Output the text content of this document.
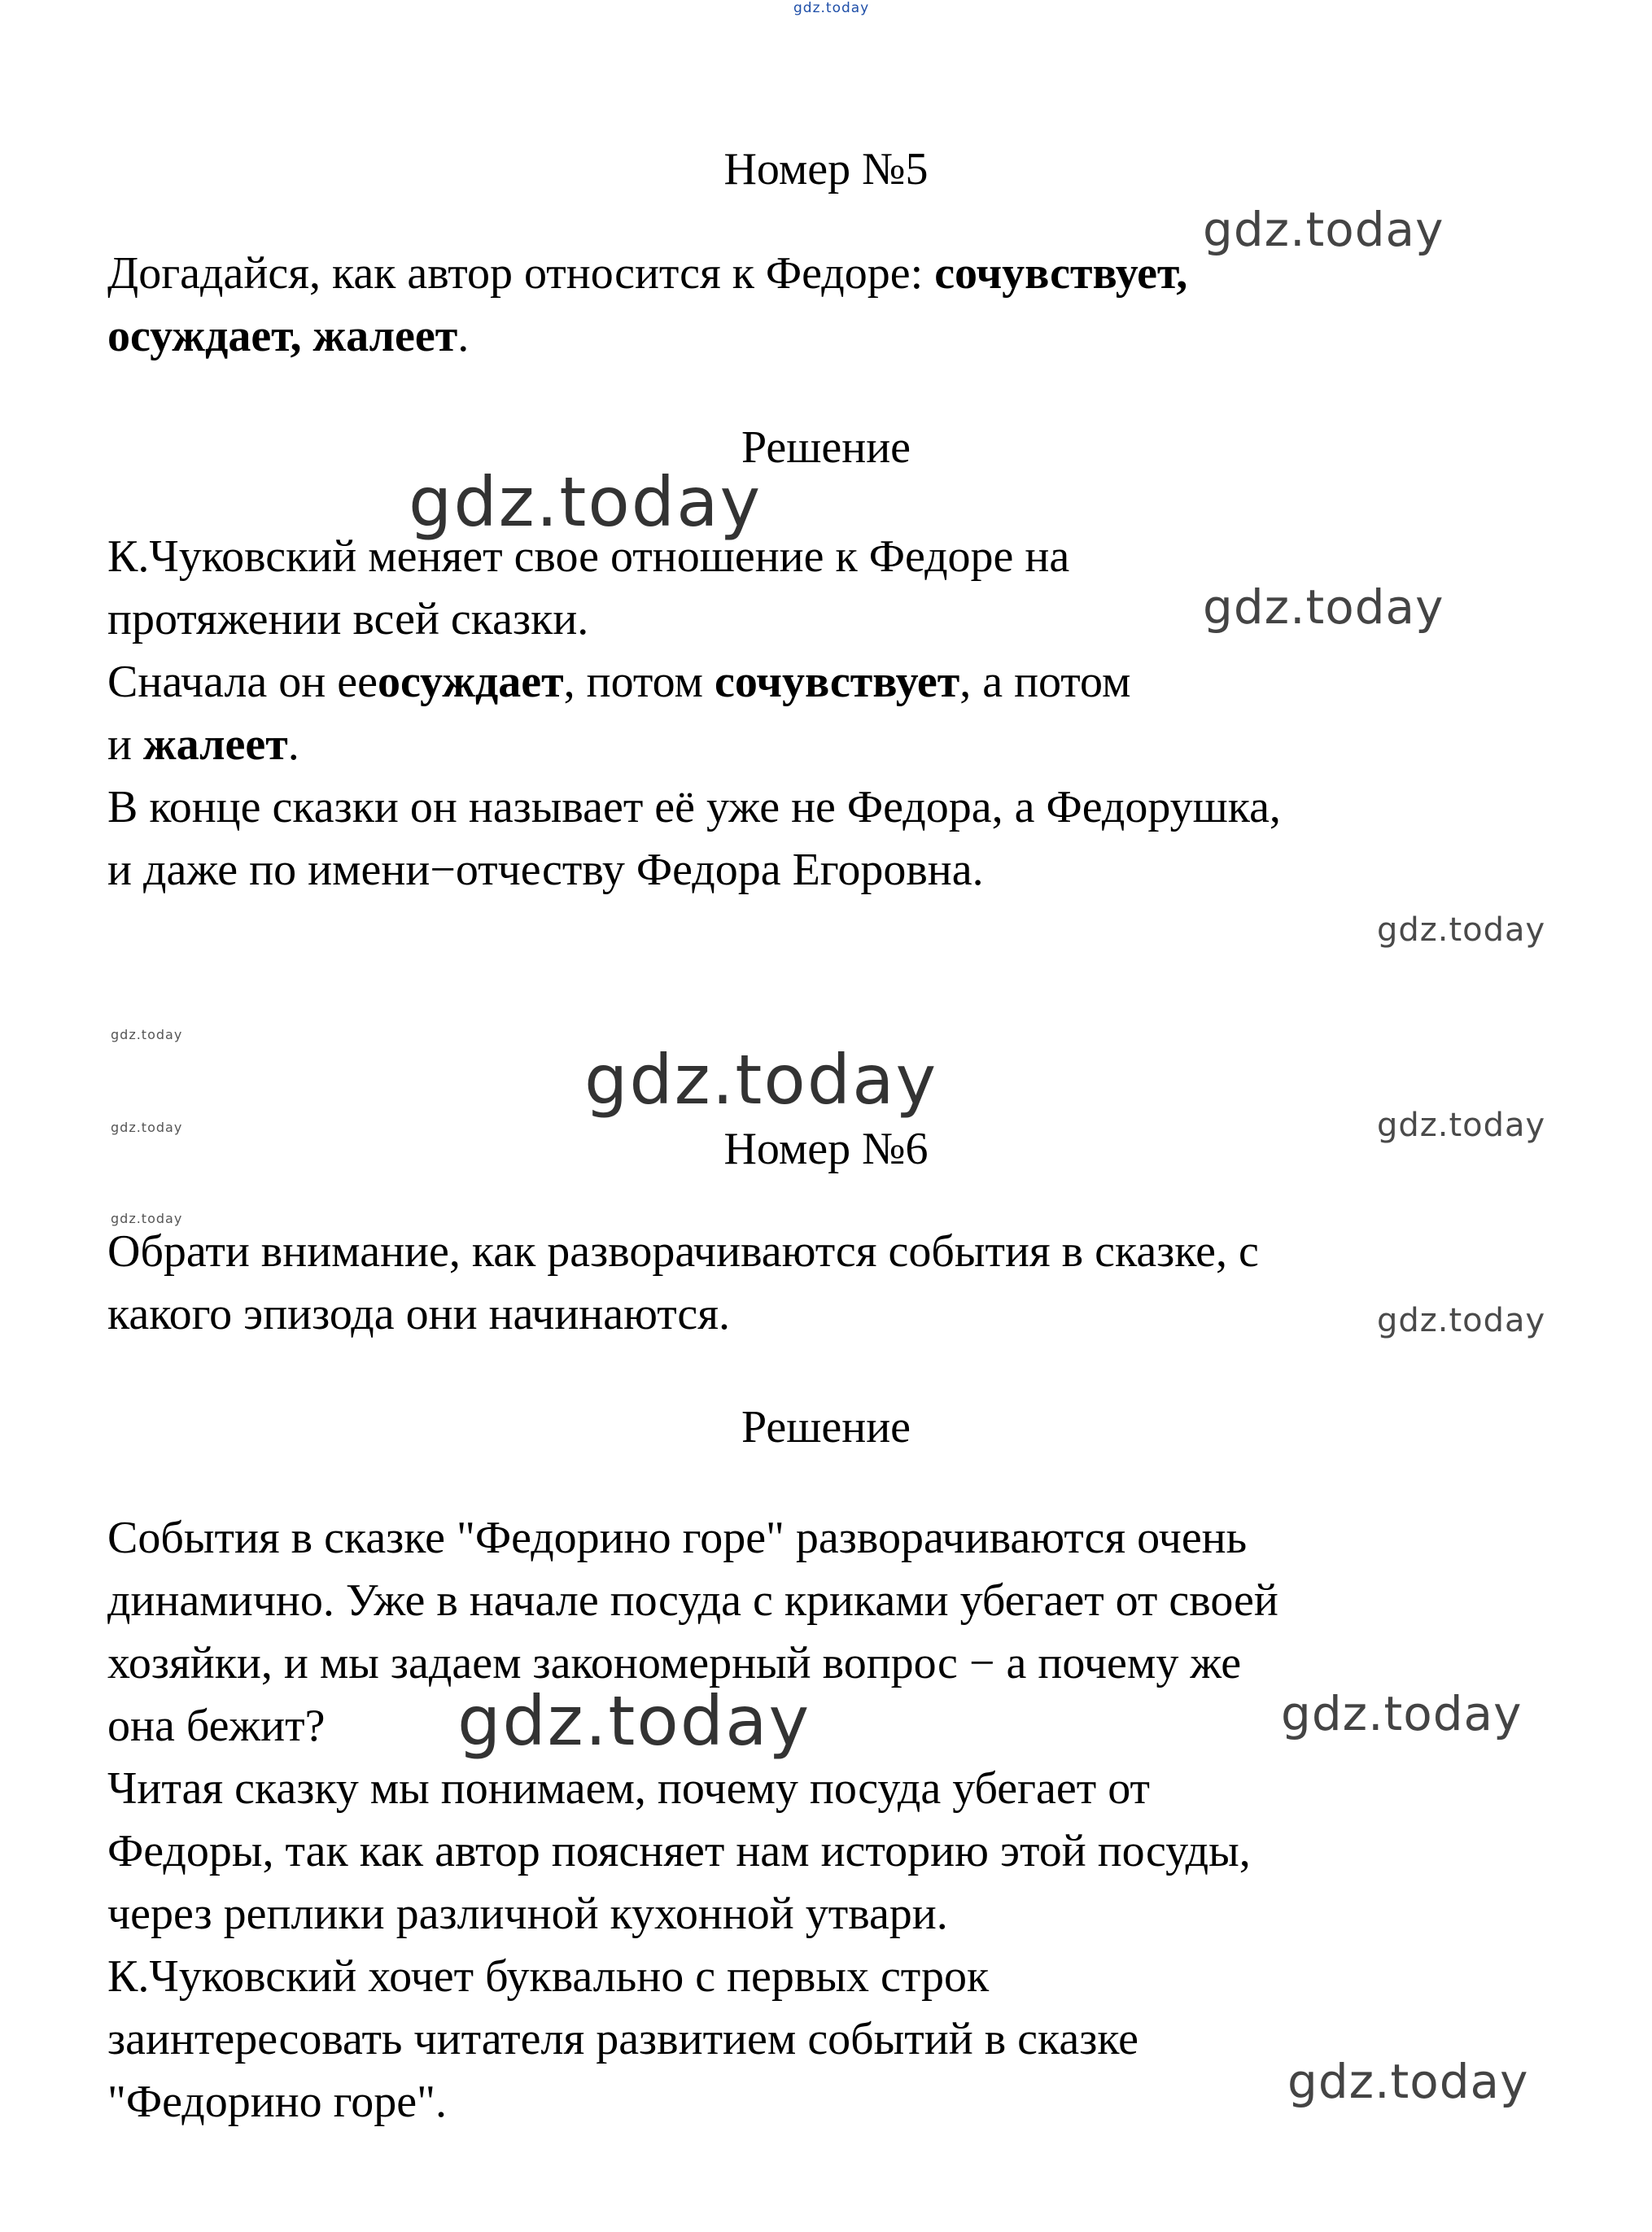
gdz.today
gdz.today
gdz.today
gdz.today
gdz.today
gdz.today
gdz.today
gdz.today	gdz.today
gdz.today
gdz.today
gdz.today
gdz.today
gdz.today
Номер №5

Догадайся, как автор относится к Федоре: сочувствует,
осуждает, жалеет.

Решение

К.Чуковский меняет свое отношение к Федоре на
протяжении всей сказки.
Сначала он ееосуждает, потом сочувствует, а потом
и жалеет.
В конце сказки он называет её уже не Федора, а Федорушка,
и даже по имени−отчеству Федора Егоровна.

Номер №6

Обрати внимание, как разворачиваются события в сказке, с
какого эпизода они начинаются.

Решение

События в сказке "Федорино горе" разворачиваются очень
динамично. Уже в начале посуда с криками убегает от своей
хозяйки, и мы задаем закономерный вопрос − а почему же
она бежит?
Читая сказку мы понимаем, почему посуда убегает от
Федоры, так как автор поясняет нам историю этой посуды,
через реплики различной кухонной утвари.
К.Чуковский хочет буквально с первых строк
заинтересовать читателя развитием событий в сказке
"Федорино горе".
